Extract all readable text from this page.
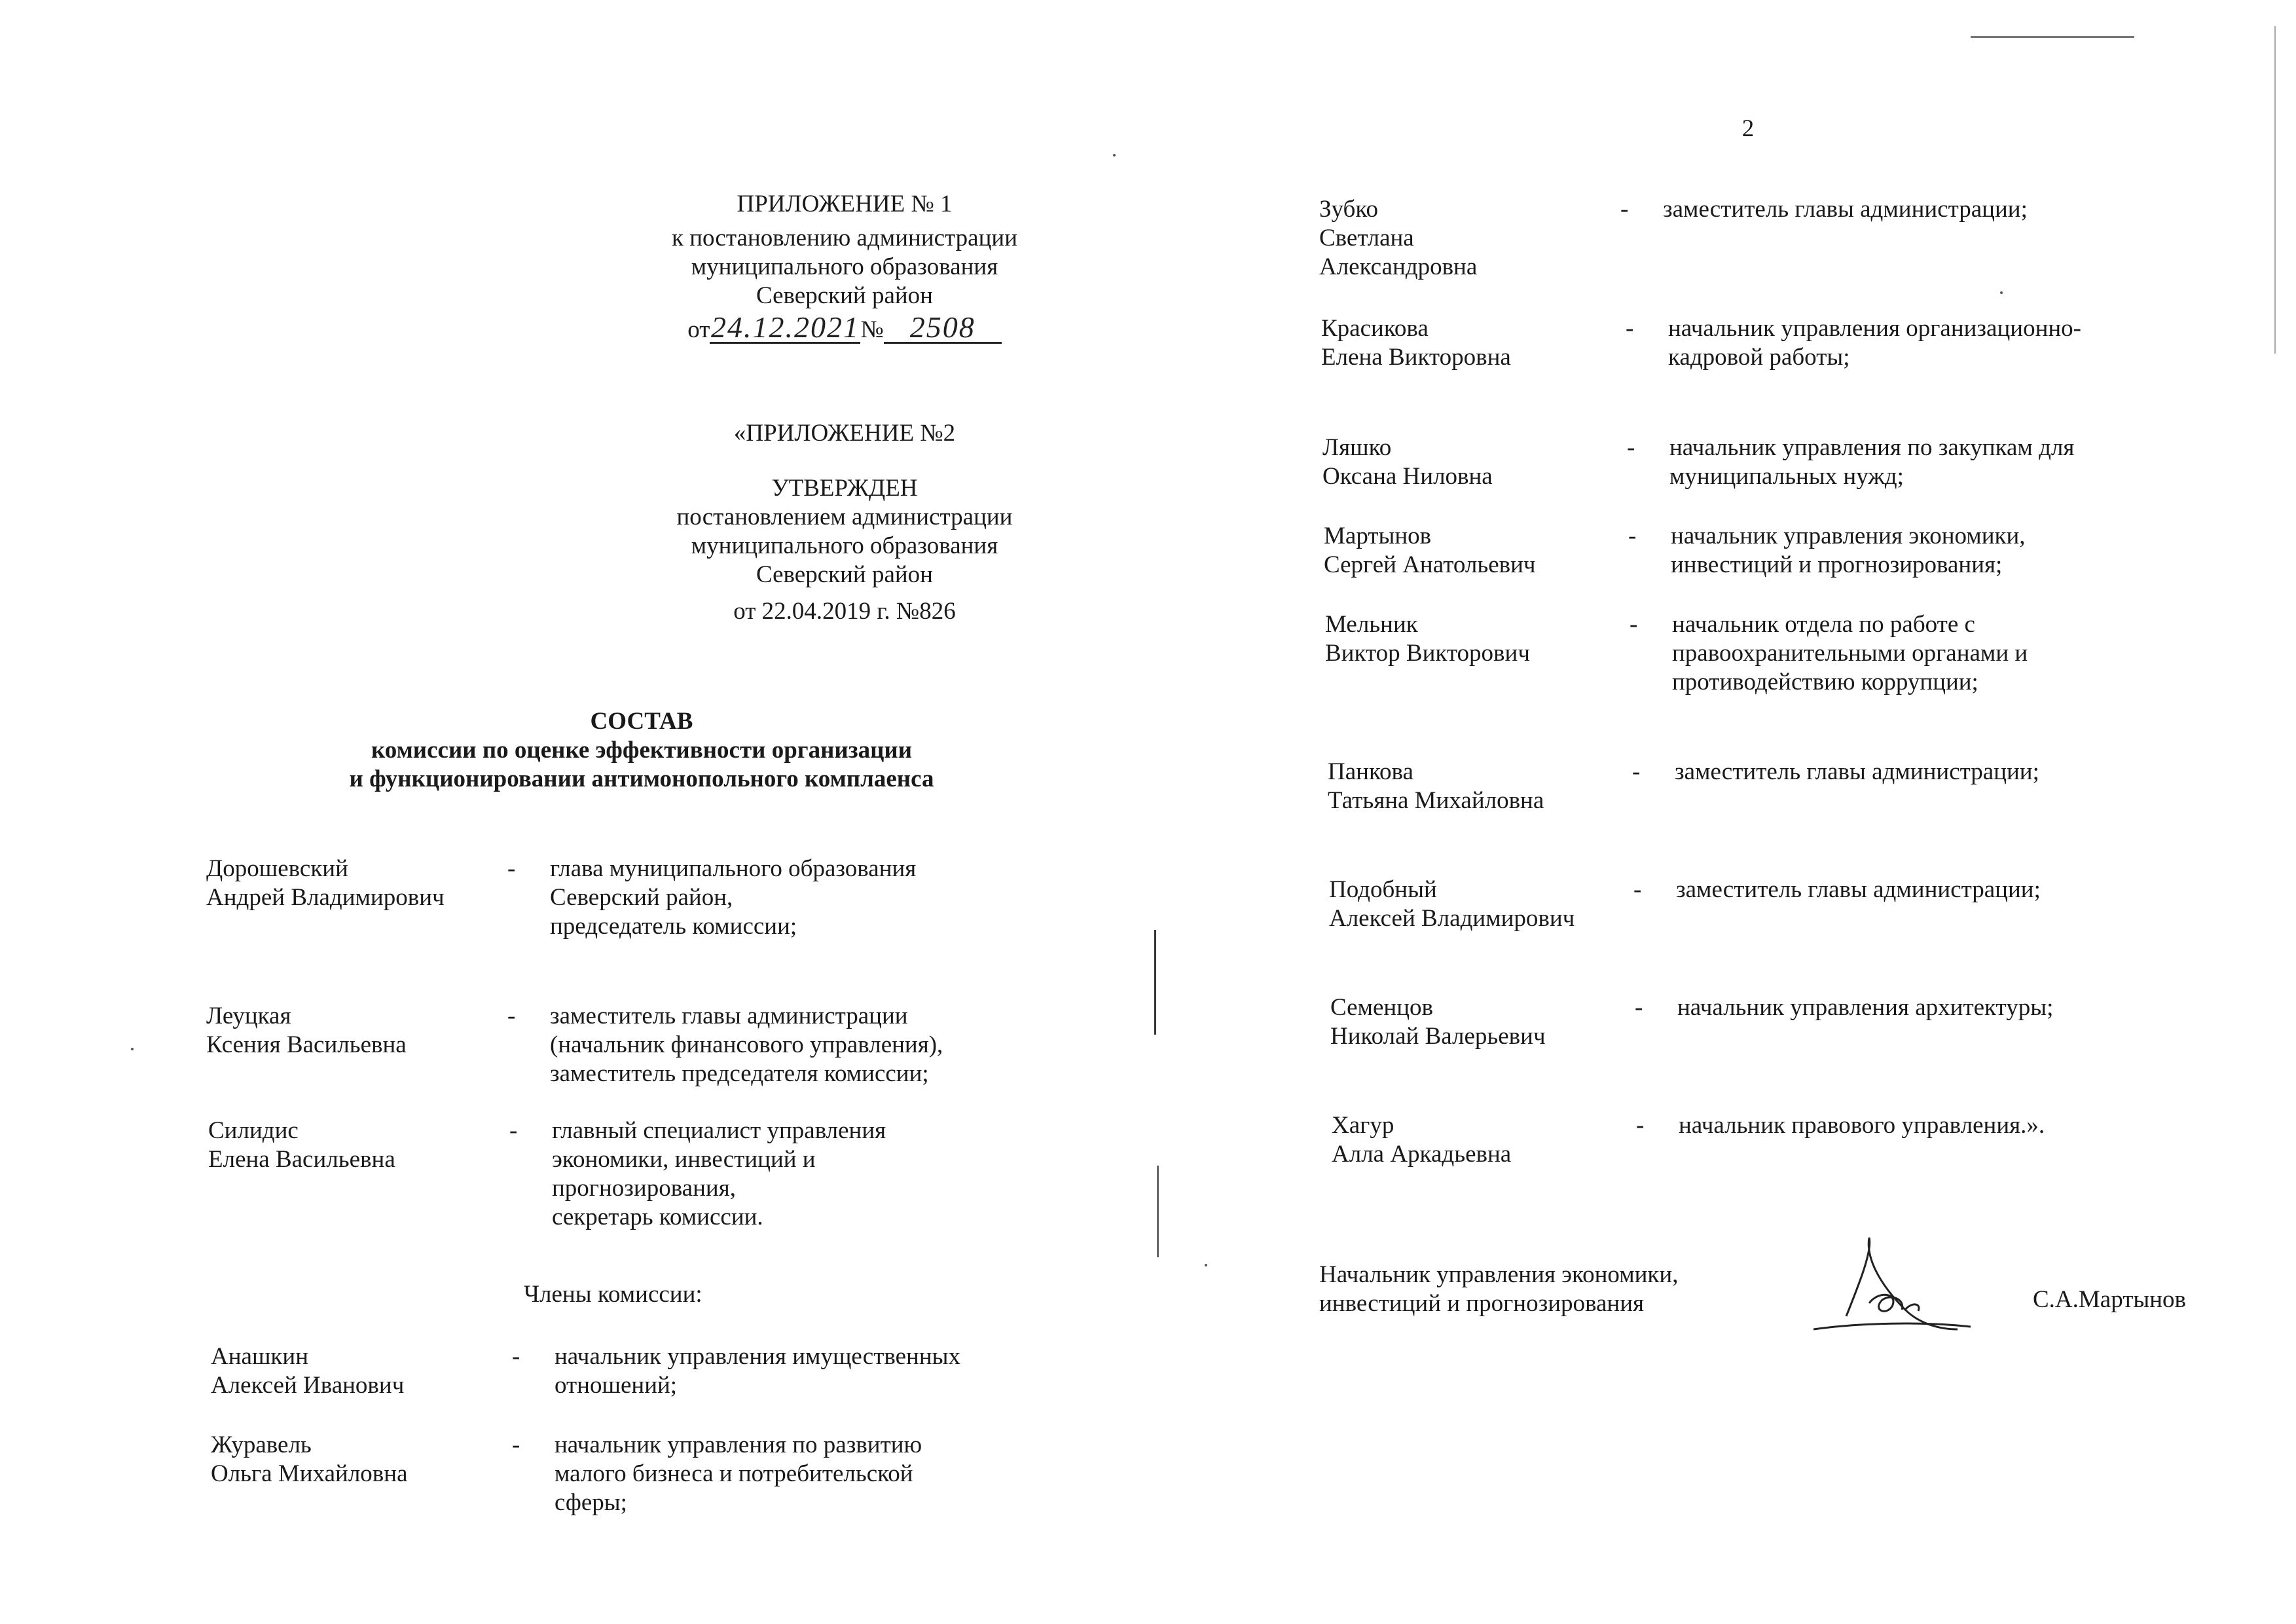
2
ПРИЛОЖЕНИЕ № 1
к постановлению администрации
муниципального образования
Северский район
от24.12.2021№ 2508
«ПРИЛОЖЕНИЕ №2
УТВЕРЖДЕН
постановлением администрации
муниципального образования
Северский район
от 22.04.2019 г. №826
СОСТАВ
комиссии по оценке эффективности организации
и функционировании антимонопольного комплаенса
Дорошевский
Андрей Владимирович
- глава муниципального образования
Северский район,
председатель комиссии;
Леуцкая
Ксения Васильевна
- заместитель главы администрации
(начальник финансового управления),
заместитель председателя комиссии;
Силидис
Елена Васильевна
- главный специалист управления
экономики, инвестиций и
прогнозирования,
секретарь комиссии.
Члены комиссии:
Анашкин
Алексей Иванович
- начальник управления имущественных
отношений;
Журавель
Ольга Михайловна
- начальник управления по развитию
малого бизнеса и потребительской
сферы;
Зубко
Светлана
Александровна
- заместитель главы администрации;
Красикова
Елена Викторовна
- начальник управления организационно-
кадровой работы;
Ляшко
Оксана Ниловна
- начальник управления по закупкам для
муниципальных нужд;
Мартынов
Сергей Анатольевич
- начальник управления экономики,
инвестиций и прогнозирования;
Мельник
Виктор Викторович
- начальник отдела по работе с
правоохранительными органами и
противодействию коррупции;
Панкова
Татьяна Михайловна
- заместитель главы администрации;
Подобный
Алексей Владимирович
- заместитель главы администрации;
Семенцов
Николай Валерьевич
- начальник управления архитектуры;
Хагур
Алла Аркадьевна
- начальник правового управления.».
Начальник управления экономики,
инвестиций и прогнозирования	С.А.Мартынов
